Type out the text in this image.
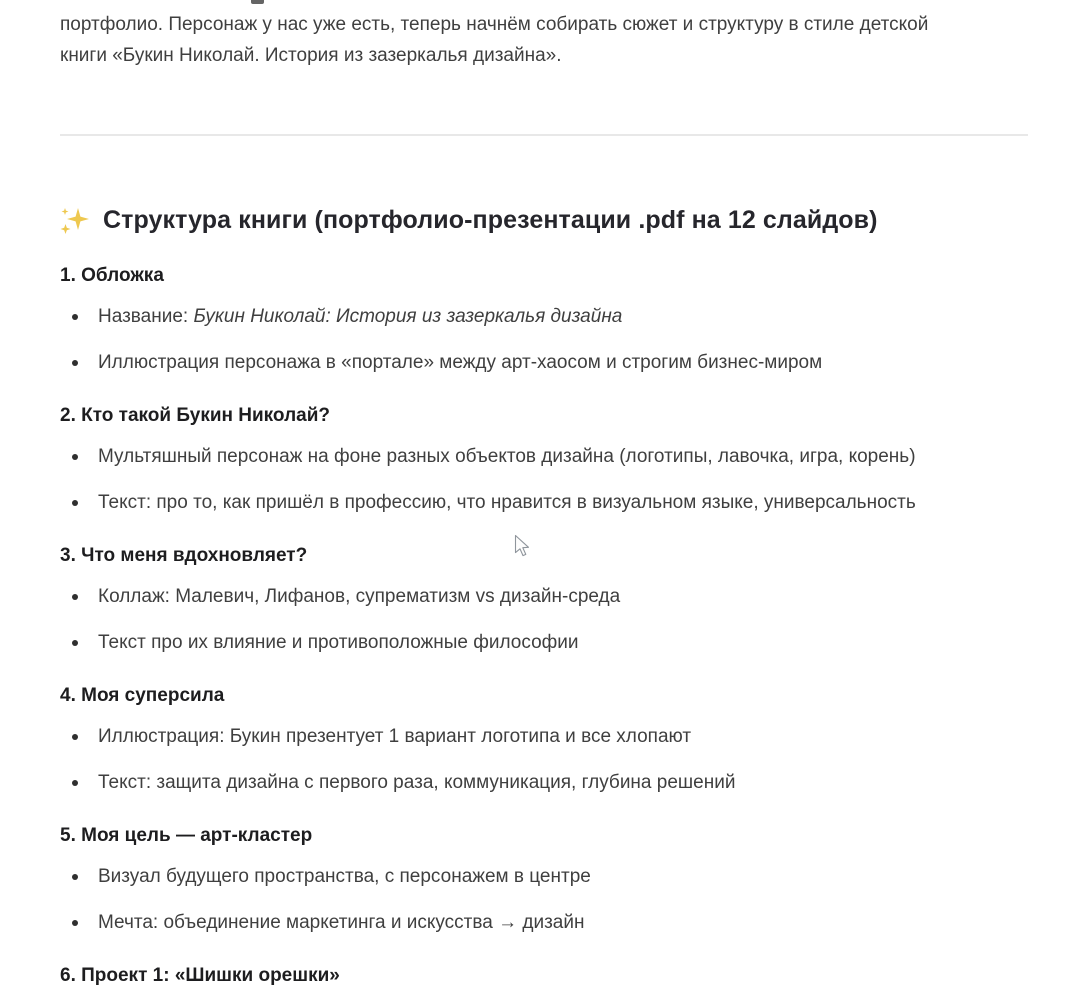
портфолио. Персонаж у нас уже есть, теперь начнём собирать сюжет и структуру в стиле детской
книги «Букин Николай. История из зазеркалья дизайна».

Структура книги (портфолио-презентации .pdf на 12 слайдов)
1. Обложка
Название: Букин Николай: История из зазеркалья дизайна
Иллюстрация персонажа в «портале» между арт-хаосом и строгим бизнес-миром
2. Кто такой Букин Николай?
Мультяшный персонаж на фоне разных объектов дизайна (логотипы, лавочка, игра, корень)
Текст: про то, как пришёл в профессию, что нравится в визуальном языке, универсальность
3. Что меня вдохновляет?
Коллаж: Малевич, Лифанов, супрематизм vs дизайн-среда
Текст про их влияние и противоположные философии
4. Моя суперсила
Иллюстрация: Букин презентует 1 вариант логотипа и все хлопают
Текст: защита дизайна с первого раза, коммуникация, глубина решений
5. Моя цель — арт-кластер
Визуал будущего пространства, с персонажем в центре
Мечта: объединение маркетинга и искусства → дизайн
6. Проект 1: «Шишки орешки»
